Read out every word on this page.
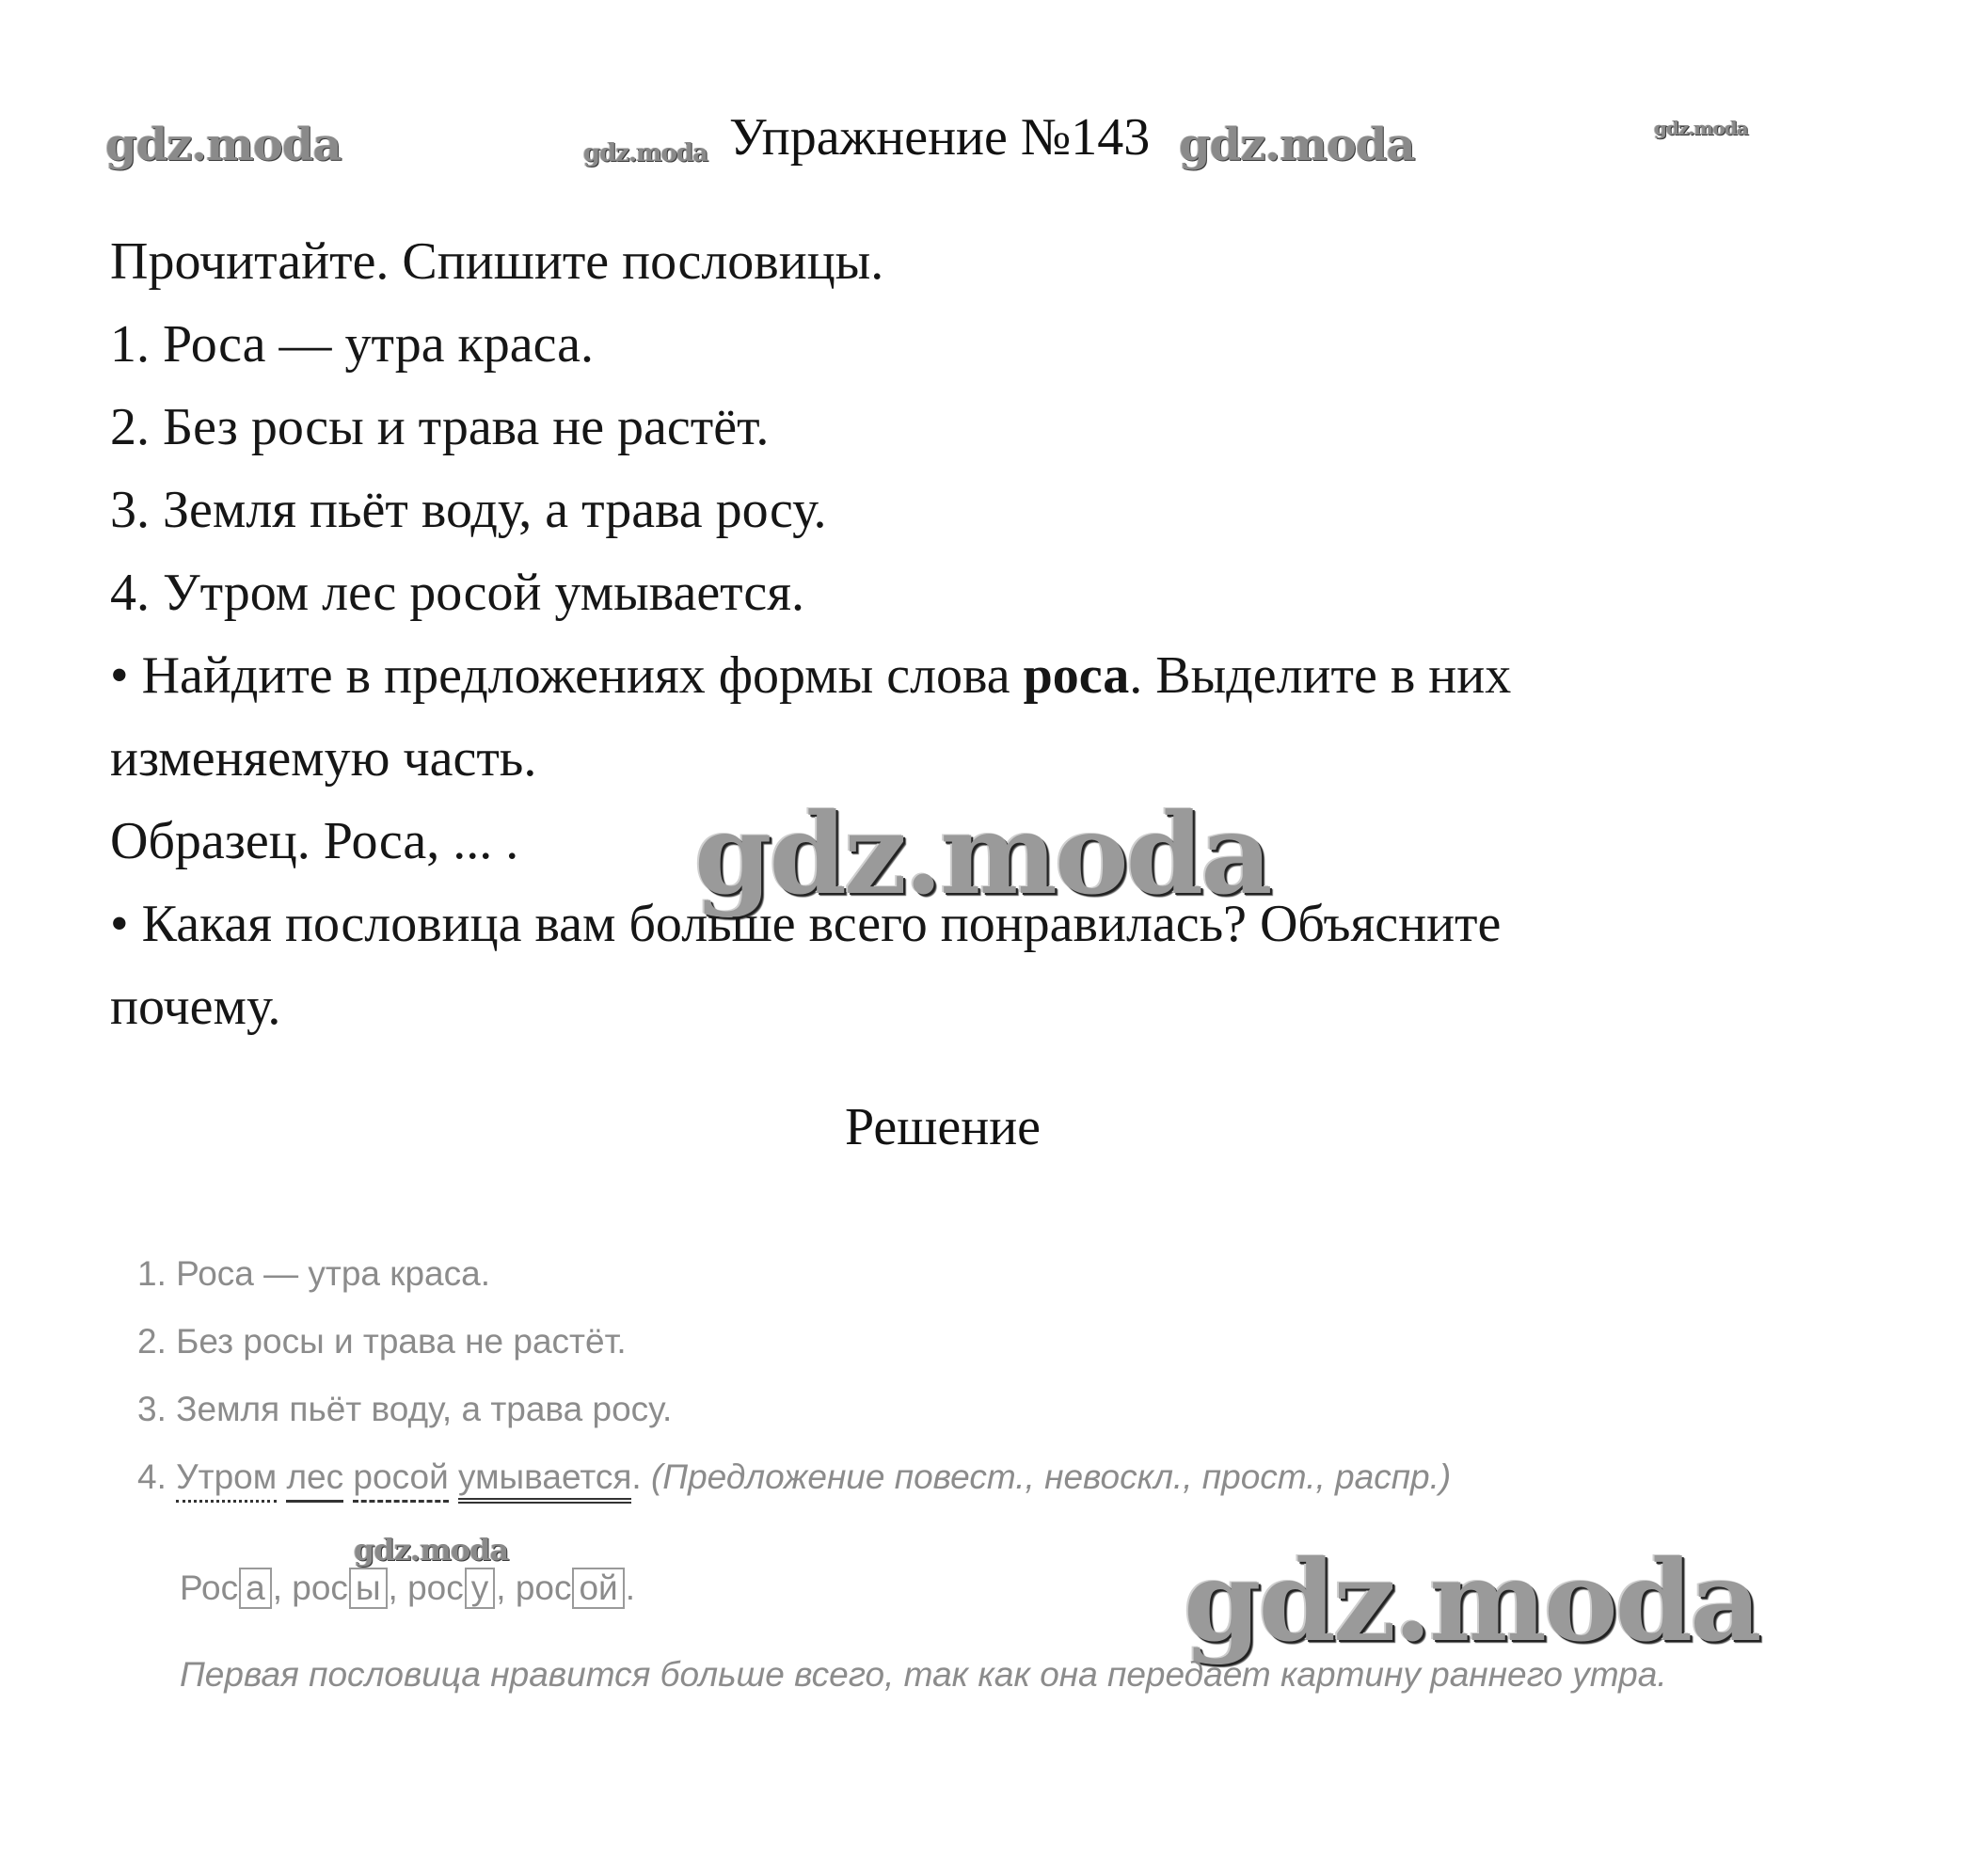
gdz.moda	gdz.moda	gdz.moda	gdz.moda
gdz.moda
gdz.moda	gdz.moda
Упражнение №143
Прочитайте. Спишите пословицы.
1. Роса — утра краса.
2. Без росы и трава не растёт.
3. Земля пьёт воду, а трава росу.
4. Утром лес росой умывается.
• Найдите в предложениях формы слова роса. Выделите в них
изменяемую часть.
Образец. Роса, ... .
• Какая пословица вам больше всего понравилась? Объясните
почему.
Решение
1. Роса — утра краса.
2. Без росы и трава не растёт.
3. Земля пьёт воду, а трава росу.
4. Утром лес росой умывается. (Предложение повест., невоскл., прост., распр.)
Рос а , рос ы , рос у , рос ой .
Первая пословица нравится больше всего, так как она передает картину раннего утра.
